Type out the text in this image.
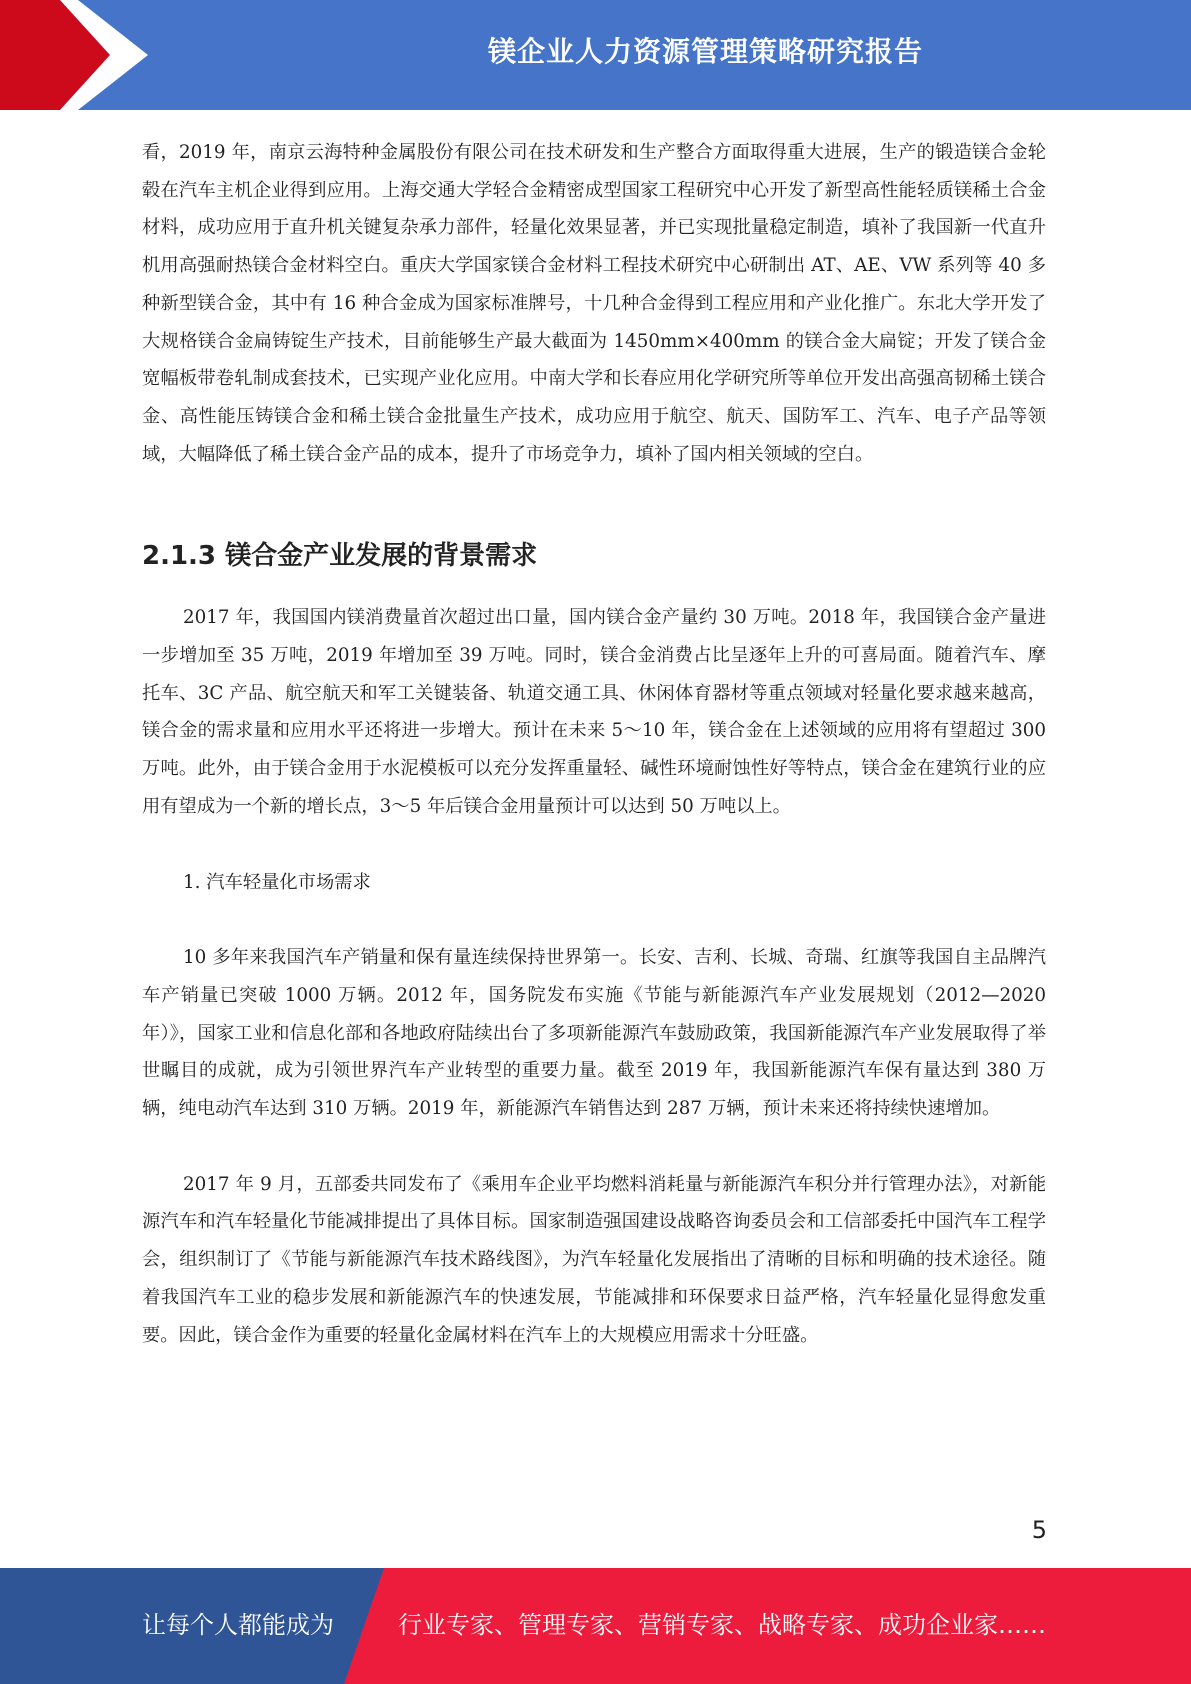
镁企业人力资源管理策略研究报告

看，2019 年，南京云海特种金属股份有限公司在技术研发和生产整合方面取得重大进展，生产的锻造镁合金轮毂在汽车主机企业得到应用。上海交通大学轻合金精密成型国家工程研究中心开发了新型高性能轻质镁稀土合金材料，成功应用于直升机关键复杂承力部件，轻量化效果显著，并已实现批量稳定制造，填补了我国新一代直升机用高强耐热镁合金材料空白。重庆大学国家镁合金材料工程技术研究中心研制出 AT、AE、VW 系列等 40 多种新型镁合金，其中有 16 种合金成为国家标准牌号，十几种合金得到工程应用和产业化推广。东北大学开发了大规格镁合金扁铸锭生产技术，目前能够生产最大截面为 1450mm×400mm 的镁合金大扁锭；开发了镁合金宽幅板带卷轧制成套技术，已实现产业化应用。中南大学和长春应用化学研究所等单位开发出高强高韧稀土镁合金、高性能压铸镁合金和稀土镁合金批量生产技术，成功应用于航空、航天、国防军工、汽车、电子产品等领域，大幅降低了稀土镁合金产品的成本，提升了市场竞争力，填补了国内相关领域的空白。

2.1.3 镁合金产业发展的背景需求

2017 年，我国国内镁消费量首次超过出口量，国内镁合金产量约 30 万吨。2018 年，我国镁合金产量进一步增加至 35 万吨，2019 年增加至 39 万吨。同时，镁合金消费占比呈逐年上升的可喜局面。随着汽车、摩托车、3C 产品、航空航天和军工关键装备、轨道交通工具、休闲体育器材等重点领域对轻量化要求越来越高，镁合金的需求量和应用水平还将进一步增大。预计在未来 5～10 年，镁合金在上述领域的应用将有望超过 300 万吨。此外，由于镁合金用于水泥模板可以充分发挥重量轻、碱性环境耐蚀性好等特点，镁合金在建筑行业的应用有望成为一个新的增长点，3～5 年后镁合金用量预计可以达到 50 万吨以上。

1. 汽车轻量化市场需求

10 多年来我国汽车产销量和保有量连续保持世界第一。长安、吉利、长城、奇瑞、红旗等我国自主品牌汽车产销量已突破 1000 万辆。2012 年，国务院发布实施《节能与新能源汽车产业发展规划（2012—2020 年）》，国家工业和信息化部和各地政府陆续出台了多项新能源汽车鼓励政策，我国新能源汽车产业发展取得了举世瞩目的成就，成为引领世界汽车产业转型的重要力量。截至 2019 年，我国新能源汽车保有量达到 380 万辆，纯电动汽车达到 310 万辆。2019 年，新能源汽车销售达到 287 万辆，预计未来还将持续快速增加。

2017 年 9 月，五部委共同发布了《乘用车企业平均燃料消耗量与新能源汽车积分并行管理办法》，对新能源汽车和汽车轻量化节能减排提出了具体目标。国家制造强国建设战略咨询委员会和工信部委托中国汽车工程学会，组织制订了《节能与新能源汽车技术路线图》，为汽车轻量化发展指出了清晰的目标和明确的技术途径。随着我国汽车工业的稳步发展和新能源汽车的快速发展，节能减排和环保要求日益严格，汽车轻量化显得愈发重要。因此，镁合金作为重要的轻量化金属材料在汽车上的大规模应用需求十分旺盛。

5
让每个人都能成为	行业专家、管理专家、营销专家、战略专家、成功企业家……
